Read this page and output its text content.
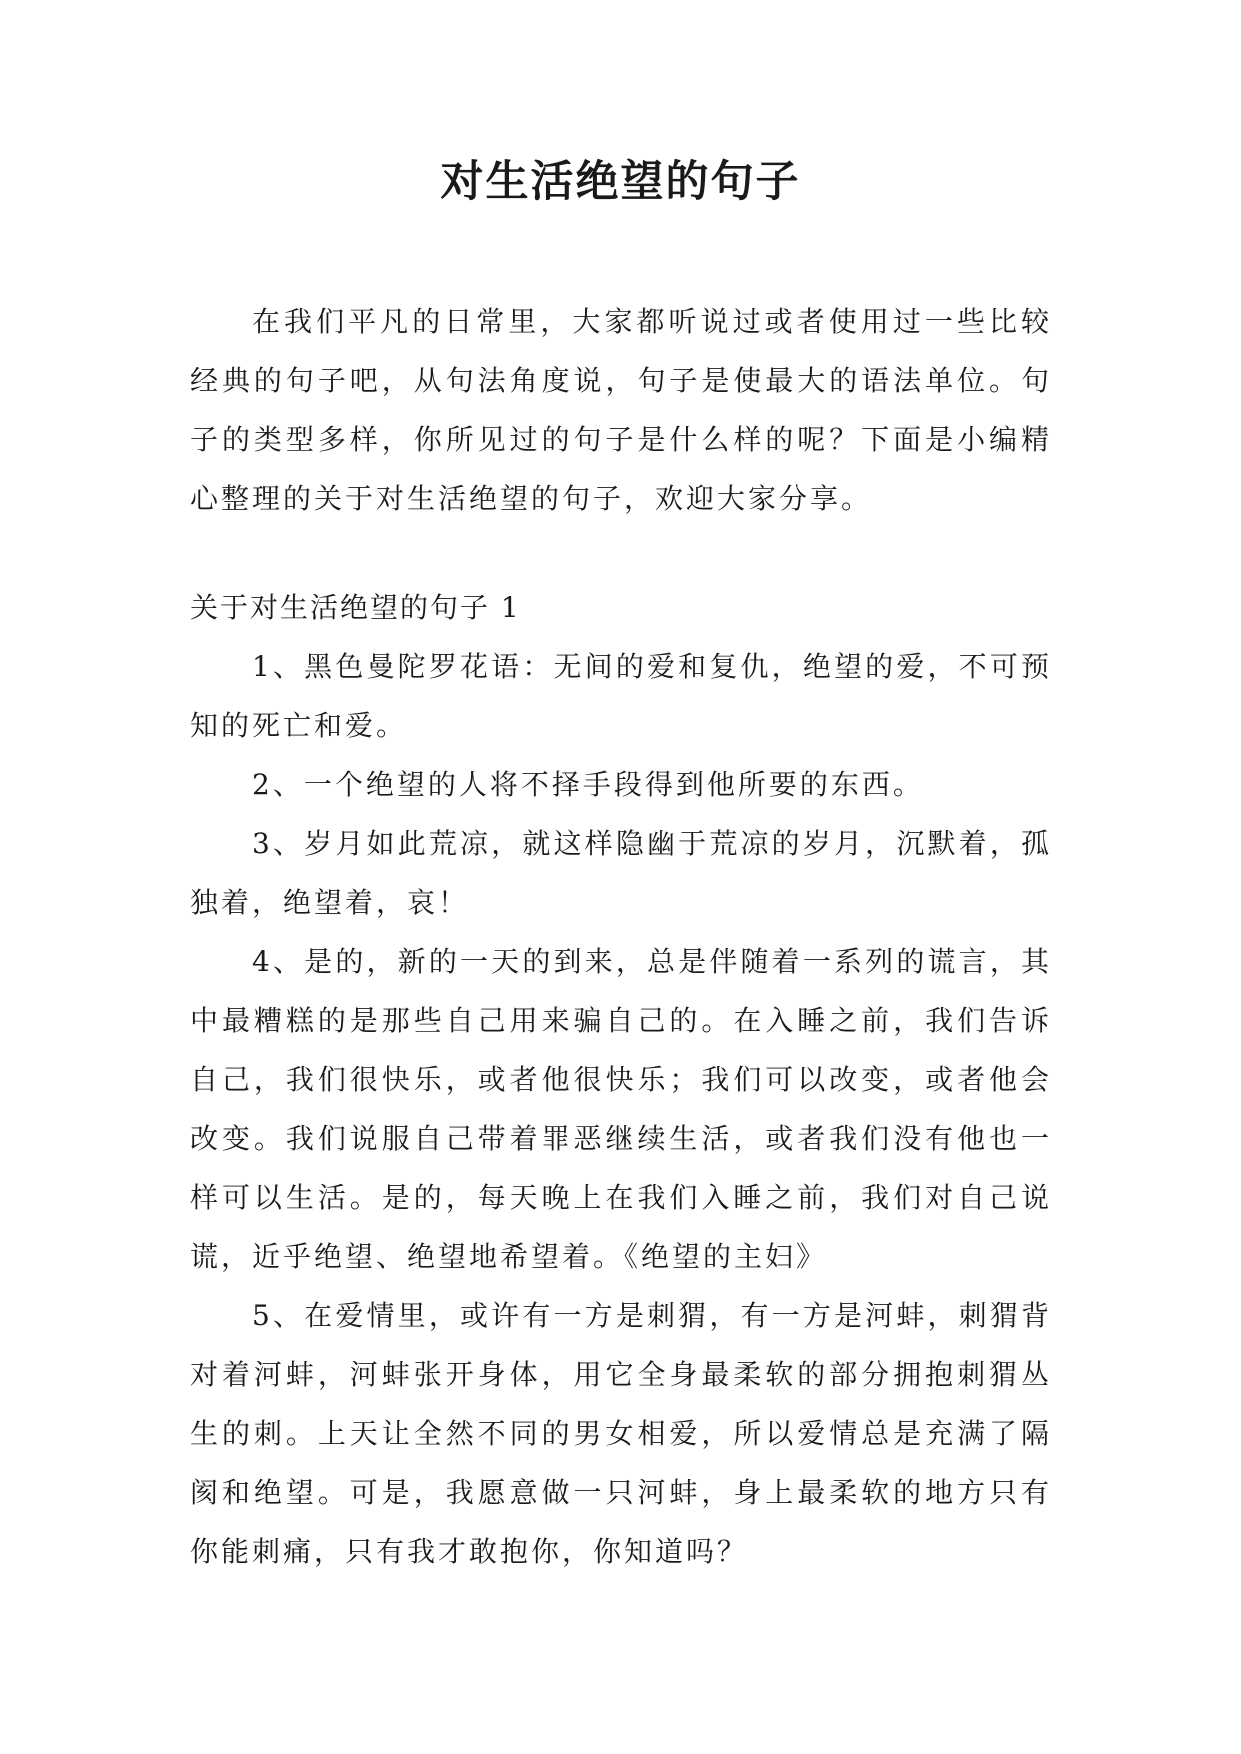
对生活绝望的句子

在我们平凡的日常里，大家都听说过或者使用过一些比较经典的句子吧，从句法角度说，句子是使最大的语法单位。句子的类型多样，你所见过的句子是什么样的呢？下面是小编精心整理的关于对生活绝望的句子，欢迎大家分享。

关于对生活绝望的句子 1

1、黑色曼陀罗花语：无间的爱和复仇，绝望的爱，不可预知的死亡和爱。

2、一个绝望的人将不择手段得到他所要的东西。

3、岁月如此荒凉，就这样隐幽于荒凉的岁月，沉默着，孤独着，绝望着，哀！

4、是的，新的一天的到来，总是伴随着一系列的谎言，其中最糟糕的是那些自己用来骗自己的。在入睡之前，我们告诉自己，我们很快乐，或者他很快乐；我们可以改变，或者他会改变。我们说服自己带着罪恶继续生活，或者我们没有他也一样可以生活。是的，每天晚上在我们入睡之前，我们对自己说谎，近乎绝望、绝望地希望着。《绝望的主妇》

5、在爱情里，或许有一方是刺猬，有一方是河蚌，刺猬背对着河蚌，河蚌张开身体，用它全身最柔软的部分拥抱刺猬丛生的刺。上天让全然不同的男女相爱，所以爱情总是充满了隔阂和绝望。可是，我愿意做一只河蚌，身上最柔软的地方只有你能刺痛，只有我才敢抱你，你知道吗？
